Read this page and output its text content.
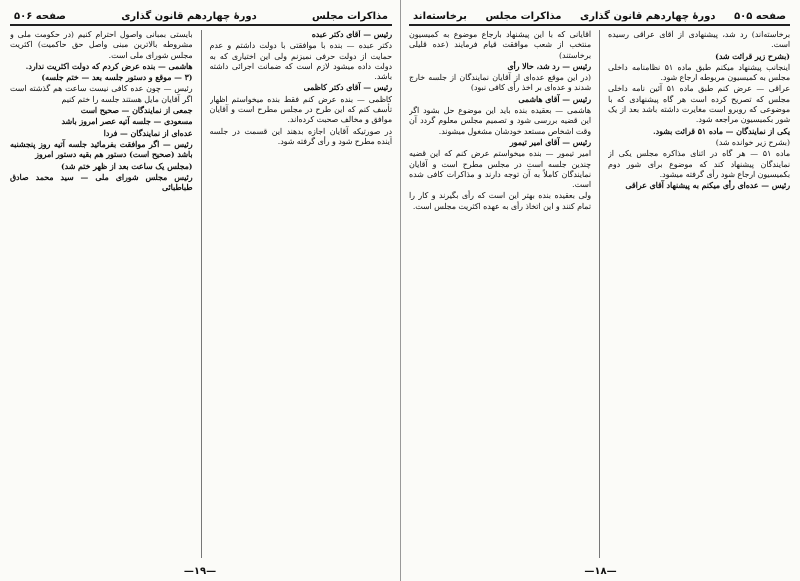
صفحه ۵۰۵
دورهٔ چهاردهم قانون گذاری
مذاکرات مجلس
برخاسته‌اند

برخاسته‌اند) رد شد، پیشنهادی از آقای عراقی رسیده است.

(بشرح زیر قرائت شد)

اینجانب پیشنهاد میکنم طبق ماده ۵۱ نظامنامه داخلی مجلس به کمیسیون مربوطه ارجاع شود.

عراقی — عرض کنم طبق ماده ۵۱ آئین نامه داخلی مجلس که تصریح کرده است هر گاه پیشنهادی که با موضوعی که روبرو است مغایرت داشته باشد بعد از یک شور بکمیسیون مراجعه شود.

یکی از نمایندگان — ماده ۵۱ قرائت بشود.

(بشرح زیر خوانده شد)

ماده ۵۱ — هر گاه در اثنای مذاکره مجلس یکی از نمایندگان پیشنهاد کند که موضوع برای شور دوم بکمیسیون ارجاع شود رأی گرفته میشود.

رئیس — عده‌ای رأی میکنم به پیشنهاد آقای عراقی

آقایانی که با این پیشنهاد بارجاع موضوع به کمیسیون منتخب از شعب موافقت قیام فرمایند (عده قلیلی برخاستند)

رئیس — رد شد، حالا رأی

(در این موقع عده‌ای از آقایان نمایندگان از جلسه خارج شدند و عده‌ای بر اخذ رأی کافی نبود)

رئیس — آقای هاشمی

هاشمی — بعقیده بنده باید این موضوع حل بشود اگر این قضیه بررسی شود و تصمیم مجلس معلوم گردد آن وقت اشخاص مستعد خودشان مشغول میشوند.

رئیس — آقای امیر تیمور

امیر تیمور — بنده میخواستم عرض کنم که این قضیه چندین جلسه است در مجلس مطرح است و آقایان نمایندگان کاملاً به آن توجه دارند و مذاکرات کافی شده است.

ولی بعقیده بنده بهتر این است که رأی بگیرند و کار را تمام کنند و این اتخاذ رأی به عهده اکثریت مجلس است.

—۱۸—
مذاکرات مجلس
دورهٔ چهاردهم قانون گذاری
صفحه ۵۰۶

رئیس — آقای دکتر عبده

دکتر عبده — بنده با موافقتی با دولت داشتم و عدم حمایت از دولت حرفی نمیزنم ولی این اختیاری که به دولت داده میشود لازم است که ضمانت اجرائی داشته باشد.

رئیس — آقای دکتر کاظمی

کاظمی — بنده عرض کنم فقط بنده میخواستم اظهار تأسف کنم که این طرح در مجلس مطرح است و آقایان موافق و مخالف صحبت کرده‌اند.

در صورتیکه آقایان اجازه بدهند این قسمت در جلسه آینده مطرح شود و رأی گرفته شود.

بایستی بمبانی واصول احترام کنیم (در حکومت ملی و مشروطه بالاترین مبنی واصل حق حاکمیت) اکثریت مجلس شورای ملی است.

هاشمی — بنده عرض کردم که دولت اکثریت ندارد.

(۳ — موقع و دستور جلسه بعد — ختم جلسه)

رئیس — چون عده کافی نیست ساعت هم گذشته است اگر آقایان مایل هستند جلسه را ختم کنیم

جمعی از نمایندگان — صحیح است

مسعودی — جلسه آتیه عصر امروز باشد

عده‌ای از نمایندگان — فردا

رئیس — اگر موافقت بفرمائید جلسه آتیه روز پنجشنبه باشد (صحیح است) دستور هم بقیه دستور امروز

(مجلس یک ساعت بعد از ظهر ختم شد)

رئیس مجلس شورای ملی — سید محمد صادق طباطبائی

—۱۹—
